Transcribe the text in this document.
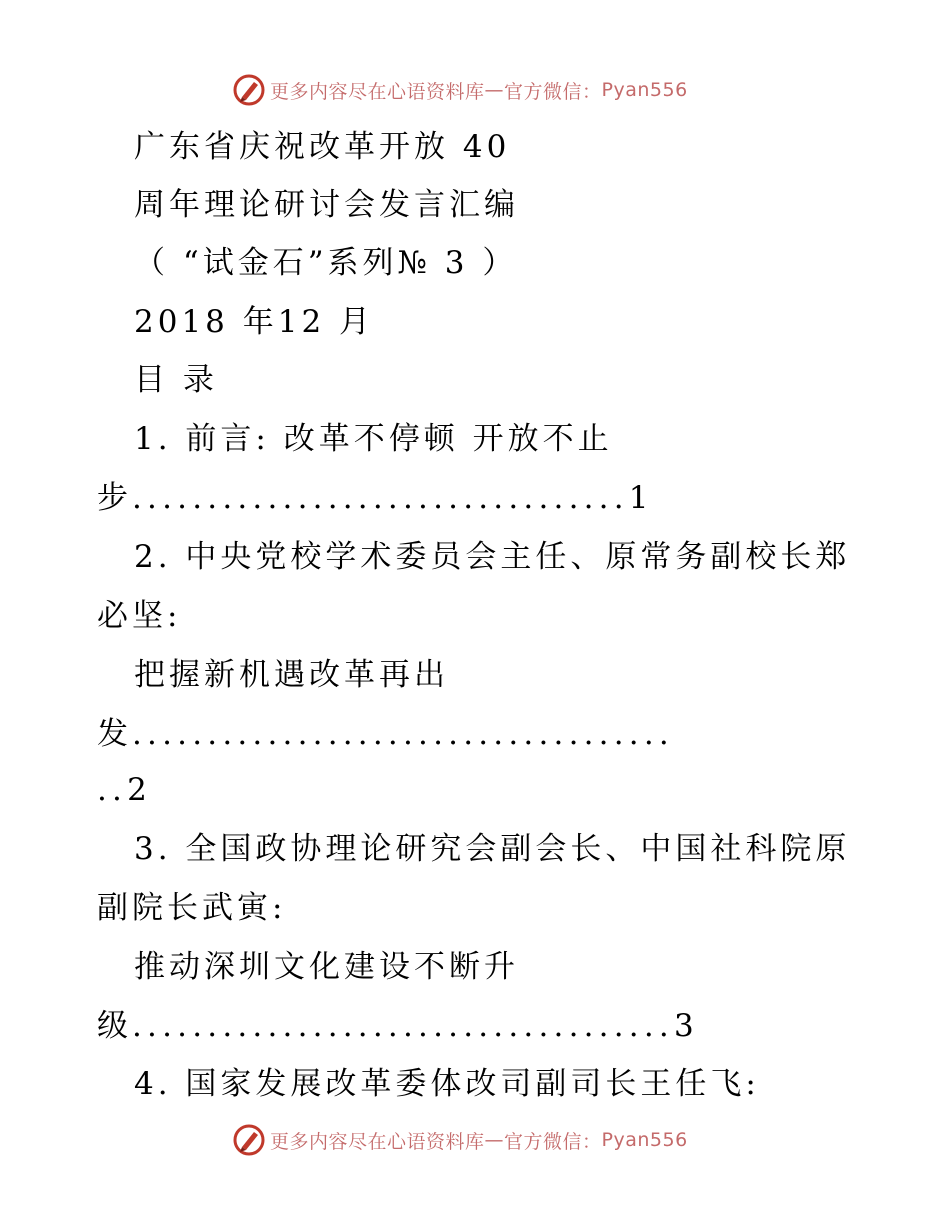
更多内容尽在心语资料库 — 官方微信： Pyan556
广东省庆祝改革开放 40
周年理论研讨会发言汇编
（ “试金石”系列№ 3 ）
2018 年12 月
目 录
1. 前言: 改革不停顿 开放不止
步.................................1
2. 中央党校学术委员会主任、原常务副校长郑
必坚:
把握新机遇改革再出
发....................................
..2
3. 全国政协理论研究会副会长、中国社科院原
副院长武寅:
推动深圳文化建设不断升
级....................................3
4. 国家发展改革委体改司副司长王任飞:
更多内容尽在心语资料库 — 官方微信： Pyan556
